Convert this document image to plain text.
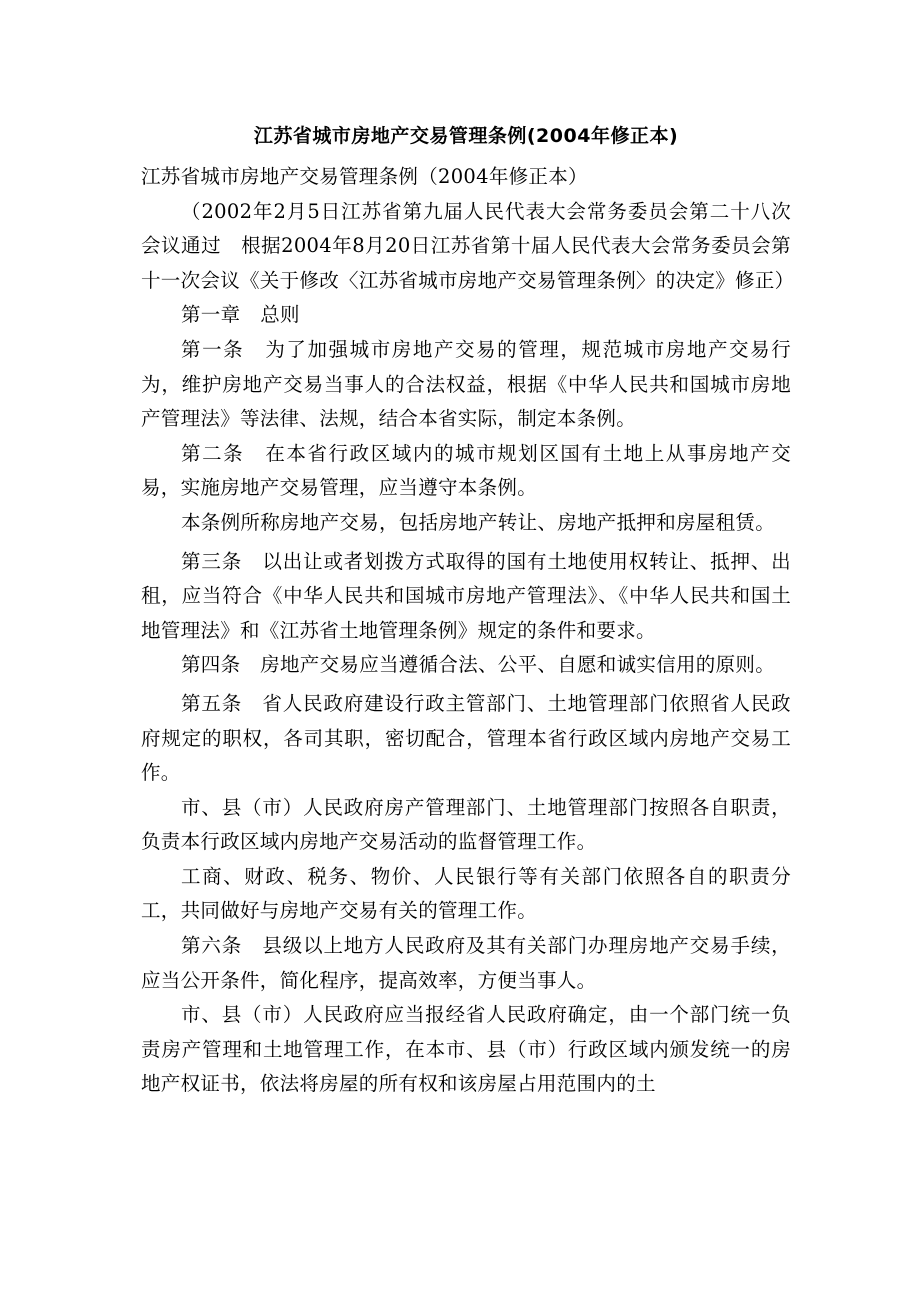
江苏省城市房地产交易管理条例(2004年修正本)

江苏省城市房地产交易管理条例（2004年修正本）

（2002年2月5日江苏省第九届人民代表大会常务委员会第二十八次会议通过　根据2004年8月20日江苏省第十届人民代表大会常务委员会第十一次会议《关于修改〈江苏省城市房地产交易管理条例〉的决定》修正）

第一章　总则

第一条　为了加强城市房地产交易的管理，规范城市房地产交易行为，维护房地产交易当事人的合法权益，根据《中华人民共和国城市房地产管理法》等法律、法规，结合本省实际，制定本条例。

第二条　在本省行政区域内的城市规划区国有土地上从事房地产交易，实施房地产交易管理，应当遵守本条例。

本条例所称房地产交易，包括房地产转让、房地产抵押和房屋租赁。

第三条　以出让或者划拨方式取得的国有土地使用权转让、抵押、出租，应当符合《中华人民共和国城市房地产管理法》、《中华人民共和国土地管理法》和《江苏省土地管理条例》规定的条件和要求。

第四条　房地产交易应当遵循合法、公平、自愿和诚实信用的原则。

第五条　省人民政府建设行政主管部门、土地管理部门依照省人民政府规定的职权，各司其职，密切配合，管理本省行政区域内房地产交易工作。

市、县（市）人民政府房产管理部门、土地管理部门按照各自职责，负责本行政区域内房地产交易活动的监督管理工作。

工商、财政、税务、物价、人民银行等有关部门依照各自的职责分工，共同做好与房地产交易有关的管理工作。

第六条　县级以上地方人民政府及其有关部门办理房地产交易手续，应当公开条件，简化程序，提高效率，方便当事人。

市、县（市）人民政府应当报经省人民政府确定，由一个部门统一负责房产管理和土地管理工作，在本市、县（市）行政区域内颁发统一的房地产权证书，依法将房屋的所有权和该房屋占用范围内的土
